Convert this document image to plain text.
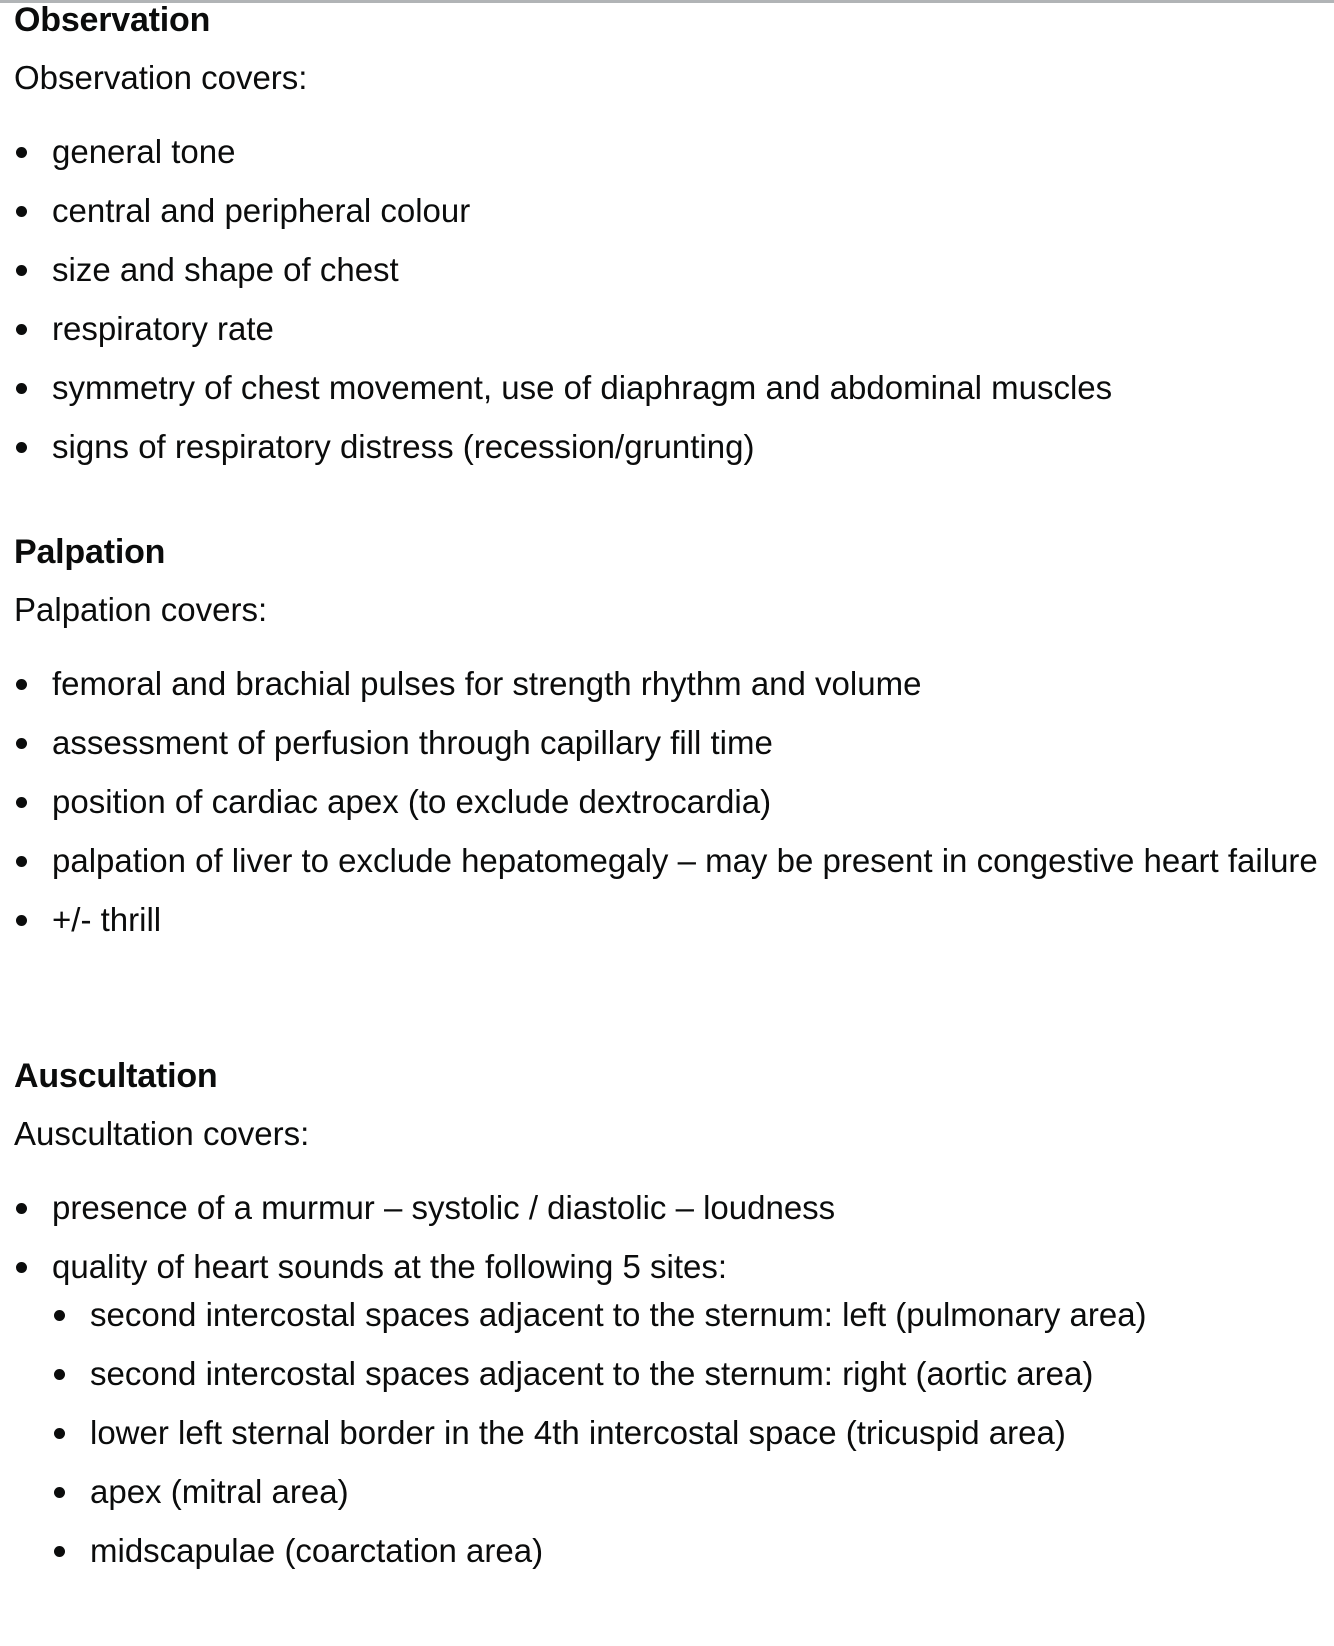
Observation

Observation covers:

general tone
central and peripheral colour
size and shape of chest
respiratory rate
symmetry of chest movement, use of diaphragm and abdominal muscles
signs of respiratory distress (recession/grunting)
Palpation

Palpation covers:

femoral and brachial pulses for strength rhythm and volume
assessment of perfusion through capillary fill time
position of cardiac apex (to exclude dextrocardia)
palpation of liver to exclude hepatomegaly – may be present in congestive heart failure
+/- thrill
Auscultation

Auscultation covers:

presence of a murmur – systolic / diastolic – loudness
quality of heart sounds at the following 5 sites:
second intercostal spaces adjacent to the sternum: left (pulmonary area)
second intercostal spaces adjacent to the sternum: right (aortic area)
lower left sternal border in the 4th intercostal space (tricuspid area)
apex (mitral area)
midscapulae (coarctation area)
